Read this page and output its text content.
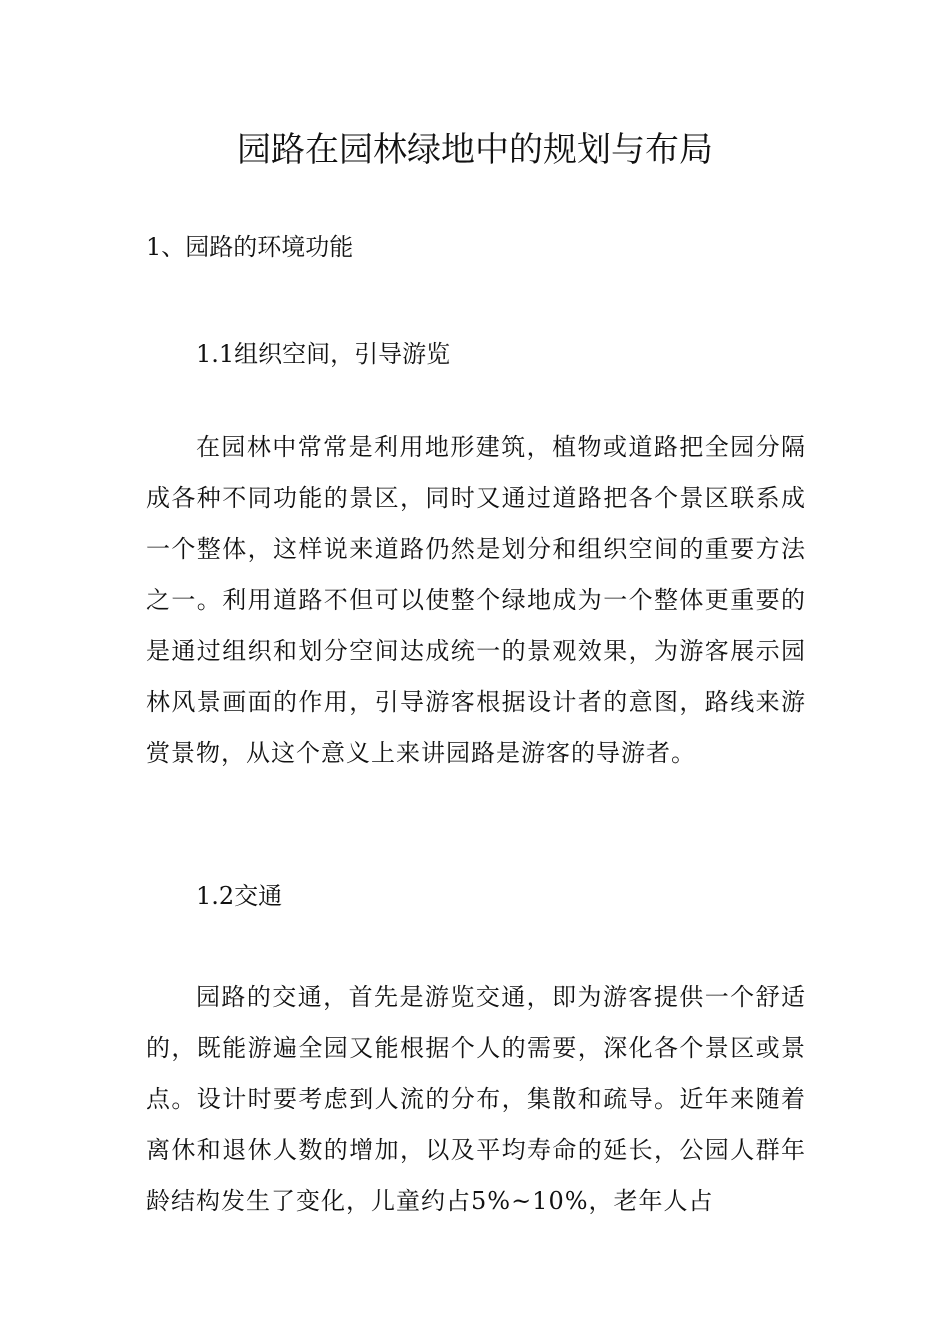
园路在园林绿地中的规划与布局
1、园路的环境功能
1.1组织空间，引导游览

在园林中常常是利用地形建筑，植物或道路把全园分隔成各种不同功能的景区，同时又通过道路把各个景区联系成一个整体，这样说来道路仍然是划分和组织空间的重要方法之一。利用道路不但可以使整个绿地成为一个整体更重要的是通过组织和划分空间达成统一的景观效果，为游客展示园林风景画面的作用，引导游客根据设计者的意图，路线来游赏景物，从这个意义上来讲园路是游客的导游者。

1.2交通

园路的交通，首先是游览交通，即为游客提供一个舒适的，既能游遍全园又能根据个人的需要，深化各个景区或景点。设计时要考虑到人流的分布，集散和疏导。近年来随着离休和退休人数的增加，以及平均寿命的延长，公园人群年龄结构发生了变化，儿童约占5%~10%，老年人占
